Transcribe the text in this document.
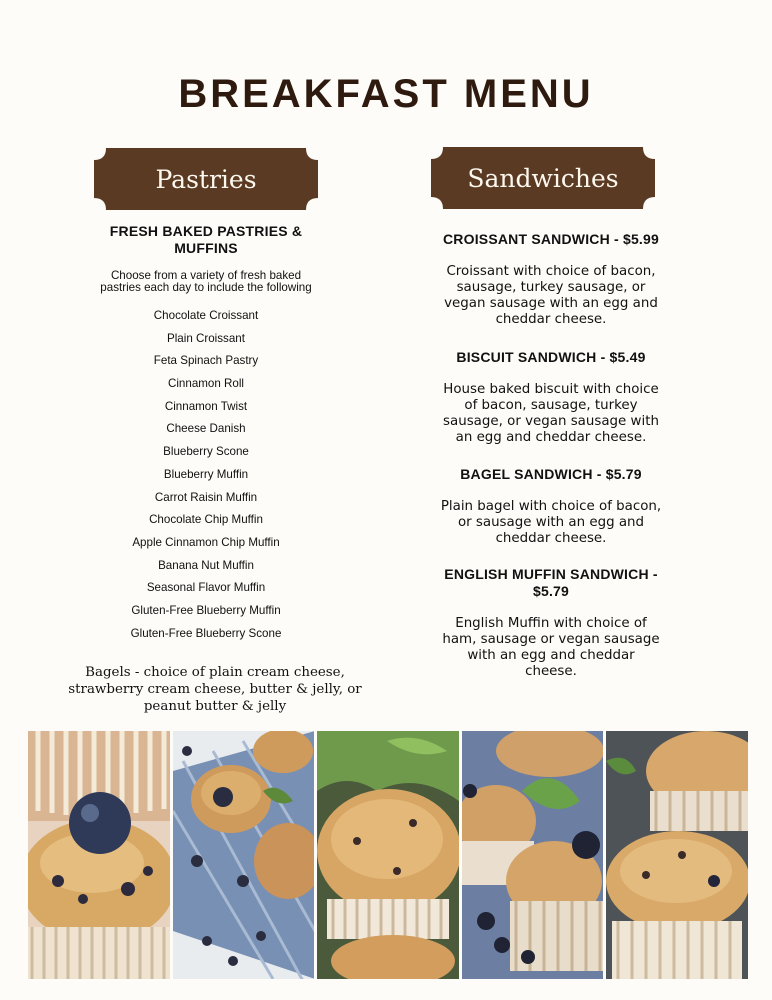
BREAKFAST MENU
Pastries	Sandwiches
FRESH BAKED PASTRIES & MUFFINS
Choose from a variety of fresh baked pastries each day to include the following
Chocolate Croissant
Plain Croissant
Feta Spinach Pastry
Cinnamon Roll
Cinnamon Twist
Cheese Danish
Blueberry Scone
Blueberry Muffin
Carrot Raisin Muffin
Chocolate Chip Muffin
Apple Cinnamon Chip Muffin
Banana Nut Muffin
Seasonal Flavor Muffin
Gluten-Free Blueberry Muffin
Gluten-Free Blueberry Scone
Bagels - choice of plain cream cheese, strawberry cream cheese, butter & jelly, or peanut butter & jelly
CROISSANT SANDWICH - $5.99
Croissant with choice of bacon, sausage, turkey sausage, or vegan sausage with an egg and cheddar cheese.
BISCUIT SANDWICH - $5.49
House baked biscuit with choice of bacon, sausage, turkey sausage, or vegan sausage with an egg and cheddar cheese.
BAGEL SANDWICH - $5.79
Plain bagel with choice of bacon, or sausage with an egg and cheddar cheese.
ENGLISH MUFFIN SANDWICH - $5.79
English Muffin with choice of ham, sausage or vegan sausage with an egg and cheddar cheese.
